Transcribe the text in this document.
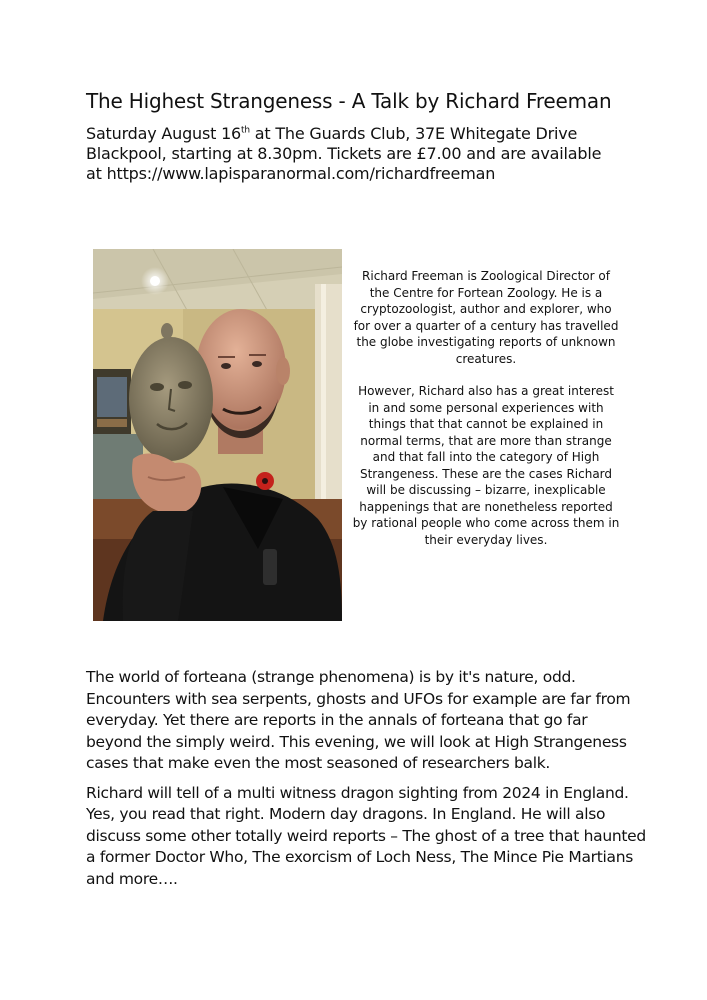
The Highest Strangeness - A Talk by Richard Freeman

Saturday August 16th at The Guards Club, 37E Whitegate Drive
Blackpool, starting at 8.30pm. Tickets are £7.00 and are available
at https://www.lapisparanormal.com/richardfreeman

Richard Freeman is Zoological Director of the Centre for Fortean Zoology. He is a cryptozoologist, author and explorer, who for over a quarter of a century has travelled the globe investigating reports of unknown creatures.

However, Richard also has a great interest in and some personal experiences with things that that cannot be explained in normal terms, that are more than strange and that fall into the category of High Strangeness. These are the cases Richard will be discussing – bizarre, inexplicable happenings that are nonetheless reported by rational people who come across them in their everyday lives.

The world of forteana (strange phenomena) is by it's nature, odd. Encounters with sea serpents, ghosts and UFOs for example are far from everyday. Yet there are reports in the annals of forteana that go far beyond the simply weird. This evening, we will look at High Strangeness cases that make even the most seasoned of researchers balk.

Richard will tell of a multi witness dragon sighting from 2024 in England. Yes, you read that right. Modern day dragons. In England. He will also discuss some other totally weird reports – The ghost of a tree that haunted a former Doctor Who, The exorcism of Loch Ness, The Mince Pie Martians and more….
